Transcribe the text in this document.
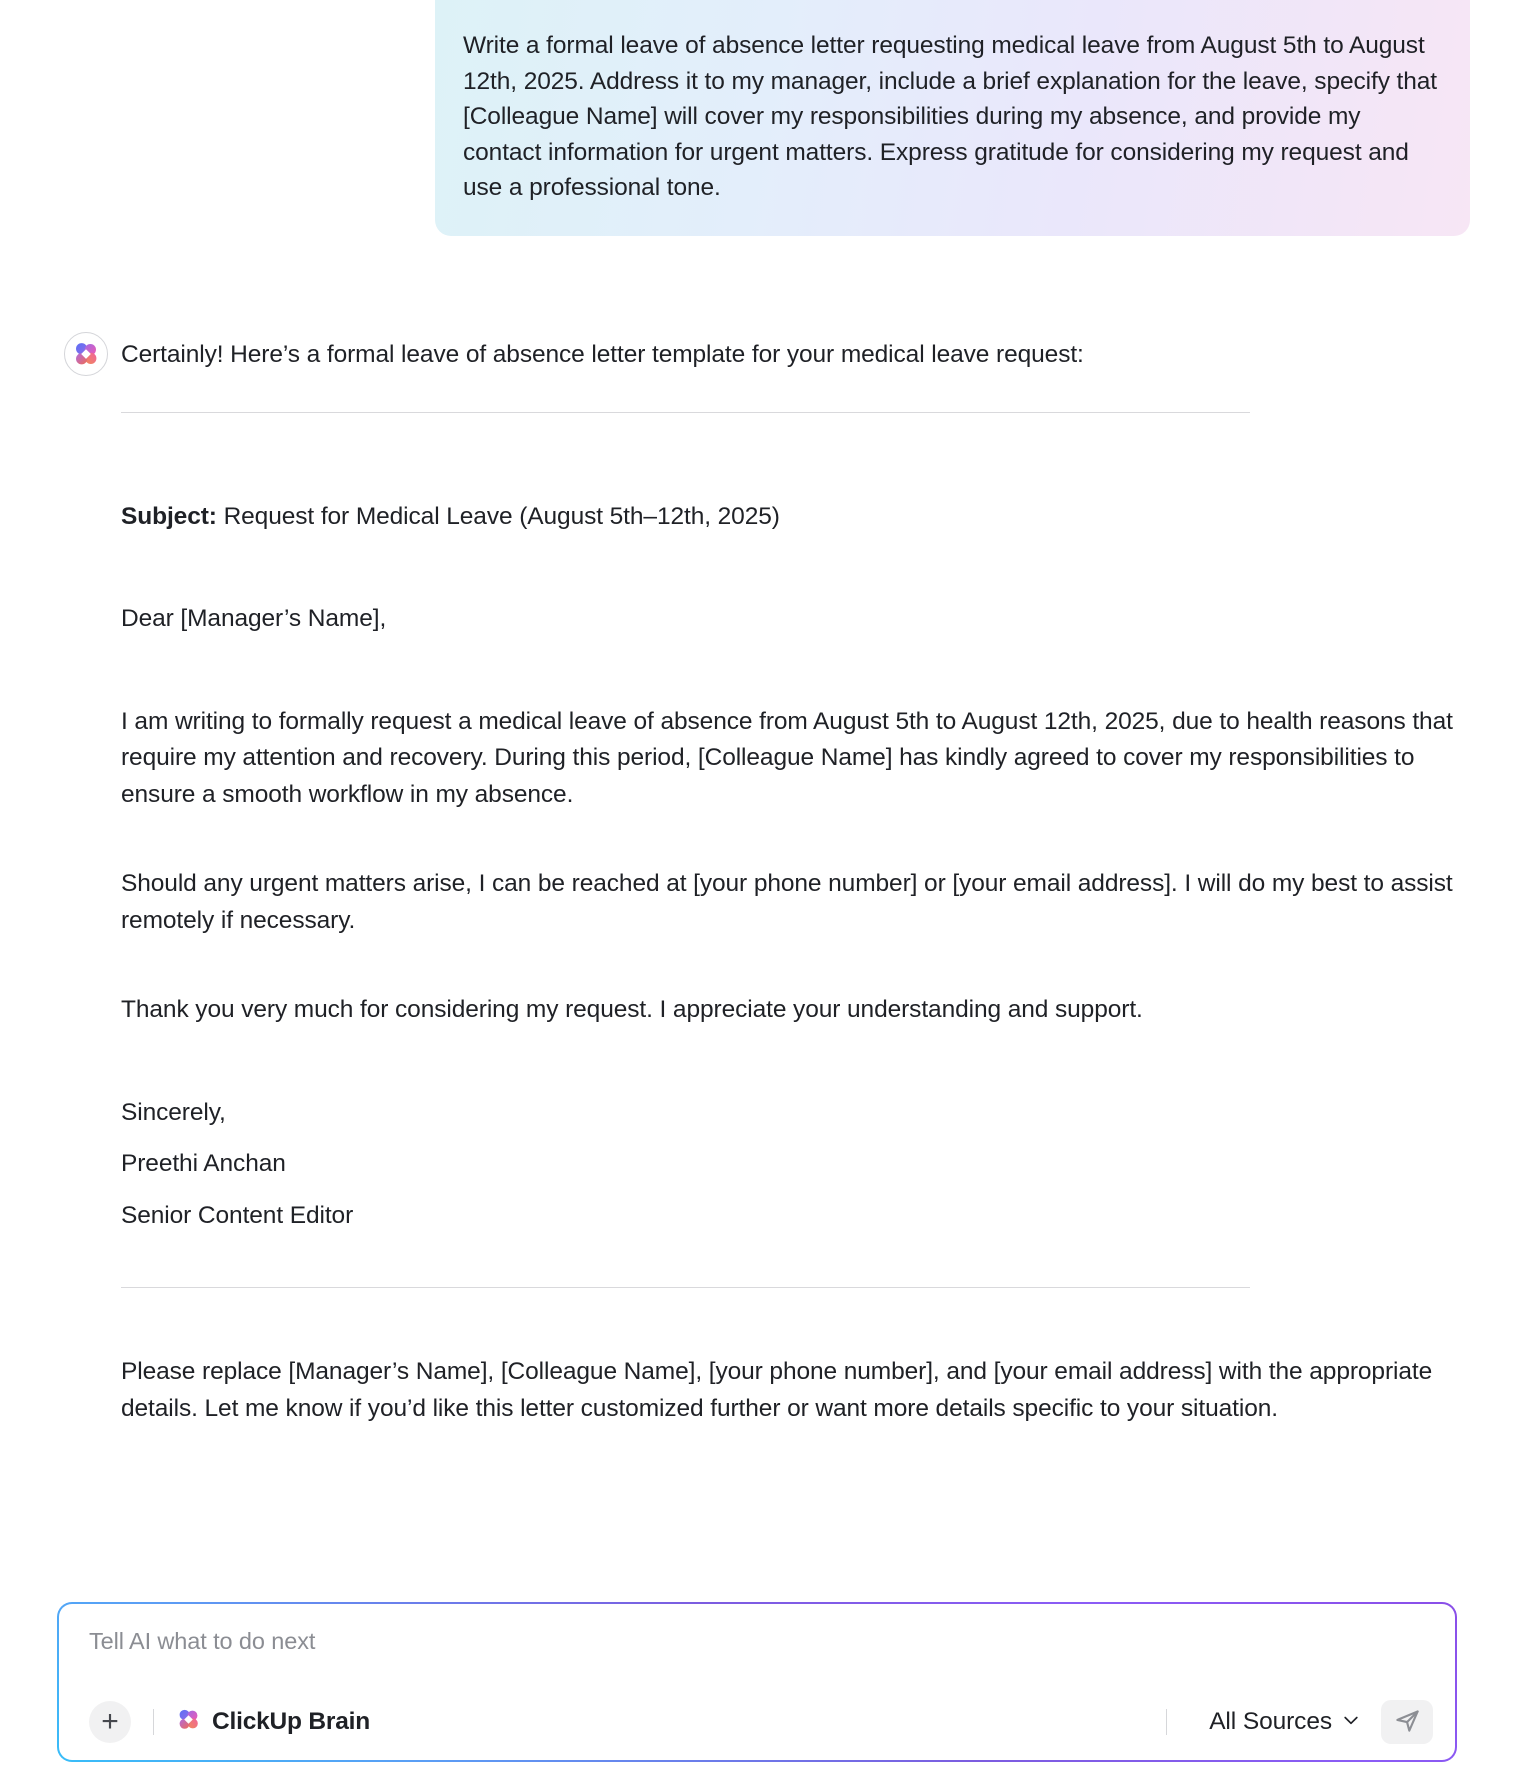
Write a formal leave of absence letter requesting medical leave from August 5th to August 12th, 2025. Address it to my manager, include a brief explanation for the leave, specify that [Colleague Name] will cover my responsibilities during my absence, and provide my contact information for urgent matters. Express gratitude for considering my request and use a professional tone.
Certainly! Here’s a formal leave of absence letter template for your medical leave request:

Subject: Request for Medical Leave (August 5th–12th, 2025)

Dear [Manager’s Name],

I am writing to formally request a medical leave of absence from August 5th to August 12th, 2025, due to health reasons that require my attention and recovery. During this period, [Colleague Name] has kindly agreed to cover my responsibilities to ensure a smooth workflow in my absence.

Should any urgent matters arise, I can be reached at [your phone number] or [your email address]. I will do my best to assist remotely if necessary.

Thank you very much for considering my request. I appreciate your understanding and support.

Sincerely,

Preethi Anchan

Senior Content Editor

Please replace [Manager’s Name], [Colleague Name], [your phone number], and [your email address] with the appropriate details. Let me know if you’d like this letter customized further or want more details specific to your situation.

Tell AI what to do next
+	ClickUp Brain	All Sources
